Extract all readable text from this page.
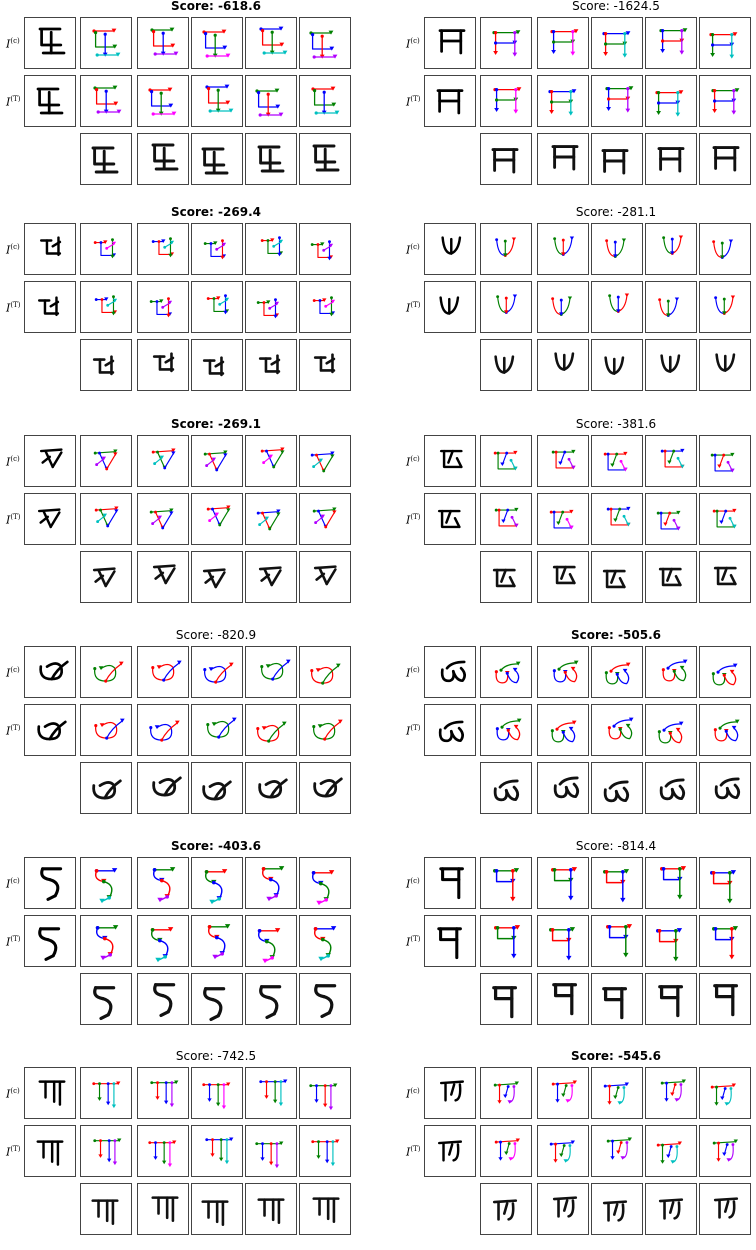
Score: -618.6
$I^{(c)}$
$I^{(T)}$
Score: -1624.5
$I^{(c)}$
$I^{(T)}$
Score: -269.4
$I^{(c)}$
$I^{(T)}$
Score: -281.1
$I^{(c)}$
$I^{(T)}$
Score: -269.1
$I^{(c)}$
$I^{(T)}$
Score: -381.6
$I^{(c)}$
$I^{(T)}$
Score: -820.9
$I^{(c)}$
$I^{(T)}$
Score: -505.6
$I^{(c)}$
$I^{(T)}$
Score: -403.6
$I^{(c)}$
$I^{(T)}$
Score: -814.4
$I^{(c)}$
$I^{(T)}$
Score: -742.5
$I^{(c)}$
$I^{(T)}$
Score: -545.6
$I^{(c)}$
$I^{(T)}$
